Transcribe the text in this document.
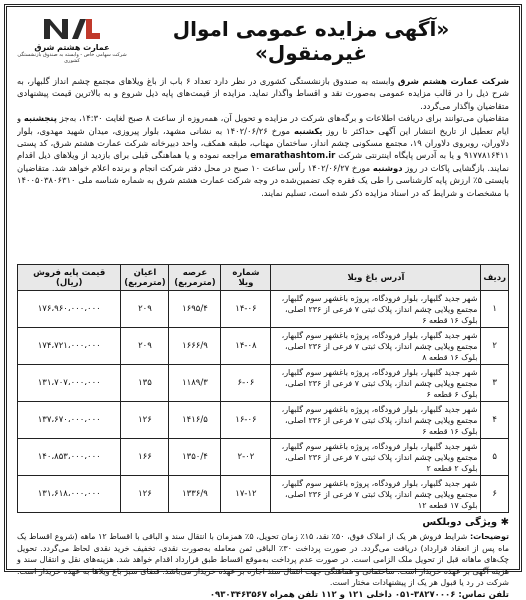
«آگهی مزایده عمومی اموال غیرمنقول»
عمارت هشتم شرق
شرکت سهامی خاص - وابسته به صندوق بازنشستگی کشوری

شرکت عمارت هشتم شرق وابسته به صندوق بازنشستگی کشوری در نظر دارد تعداد ۶ باب از باغ ویلاهای مجتمع چشم انداز گلبهار، به شرح ذیل را در قالب مزایده عمومی به‌صورت نقد و اقساط واگذار نماید. مزایده از قیمت‌های پایه ذیل شروع و به بالاترین قیمت پیشنهادی متقاضیان واگذار می‌گردد.

متقاضیان می‌توانند برای دریافت اطلاعات و برگه‌های شرکت در مزایده و تحویل آن، همه‌روزه از ساعت ۸ صبح لغایت ۱۴:۳۰، به‌جز پنجشنبه و ایام تعطیل از تاریخ انتشار این آگهی حداکثر تا روز یکشنبه مورخ ۱۴۰۲/۰۶/۲۶ به نشانی مشهد، بلوار پیروزی، میدان شهید مهدوی، بلوار دلاوران، روبروی دلاوران ۱۹، مجتمع مسکونی چشم انداز، ساختمان مهتاب، طبقه همکف، واحد دبیرخانه شرکت عمارت هشتم شرق، کد پستی ۹۱۷۷۸۱۶۴۱۱ و یا به آدرس پایگاه اینترنتی شرکت emarathashtom.ir مراجعه نموده و یا هماهنگی قبلی برای بازدید از ویلاهای ذیل اقدام نمایند. بازگشایی پاکات در روز دوشنبه مورخ ۱۴۰۲/۰۶/۲۷ رأس ساعت ۱۰ صبح در محل دفتر شرکت انجام و برنده اعلام خواهد شد. متقاضیان بایستی ۵٪ ارزش پایه کارشناسی را طی یک فقره چک تضمین‌شده در وجه شرکت عمارت هشتم شرق به شماره شناسه ملی ۱۴۰۰۵۰۳۸۰۶۳۱۰ با مشخصات و شرایط که در اسناد مزایده ذکر شده است، تسلیم نمایند.

ردیف	آدرس باغ ویلا	شماره ویلا	عرصه (مترمربع)	اعیان (مترمربع)	قیمت پایه فروش (ریال)
۱	شهر جدید گلبهار، بلوار فرودگاه، پروژه باغشهر سوم گلبهار، مجتمع ویلایی چشم انداز، پلاک ثبتی ۷ فرعی از ۲۳۶ اصلی، بلوک ۱۶ قطعه ۶	۱۴-۰۶	۱۶۹۵/۴	۲۰۹	۱۷۶،۹۶۰،۰۰۰،۰۰۰
۲	شهر جدید گلبهار، بلوار فرودگاه، پروژه باغشهر سوم گلبهار، مجتمع ویلایی چشم انداز، پلاک ثبتی ۷ فرعی از ۲۳۶ اصلی، بلوک ۱۶ قطعه ۸	۱۴-۰۸	۱۶۶۶/۹	۲۰۹	۱۷۴،۷۲۱،۰۰۰،۰۰۰
۳	شهر جدید گلبهار، بلوار فرودگاه، پروژه باغشهر سوم گلبهار، مجتمع ویلایی چشم انداز، پلاک ثبتی ۷ فرعی از ۲۳۶ اصلی، بلوک ۶ قطعه ۶	۶-۰۶	۱۱۸۹/۳	۱۳۵	۱۳۱،۷۰۷،۰۰۰،۰۰۰
۴	شهر جدید گلبهار، بلوار فرودگاه، پروژه باغشهر سوم گلبهار، مجتمع ویلایی چشم انداز، پلاک ثبتی ۷ فرعی از ۲۳۶ اصلی، بلوک ۱۶ قطعه ۶	۱۶-۰۶	۱۴۱۶/۵	۱۲۶	۱۳۷،۶۷۰،۰۰۰،۰۰۰
۵	شهر جدید گلبهار، بلوار فرودگاه، پروژه باغشهر سوم گلبهار، مجتمع ویلایی چشم انداز، پلاک ثبتی ۷ فرعی از ۲۳۶ اصلی، بلوک ۲ قطعه ۲	۲-۰۲	۱۳۵۰/۴	۱۶۶	۱۴۰،۸۵۳،۰۰۰،۰۰۰
۶	شهر جدید گلبهار، بلوار فرودگاه، پروژه باغشهر سوم گلبهار، مجتمع ویلایی چشم انداز، پلاک ثبتی ۷ فرعی از ۲۳۶ اصلی، بلوک ۱۷ قطعه ۱۲	۱۷-۱۲	۱۳۳۶/۹	۱۲۶	۱۳۱،۶۱۸،۰۰۰،۰۰۰
✱ ویژگی دوبلکس
توضیحات: شرایط فروش هر یک از املاک فوق، ۵۰٪ نقد، ۱۵٪ زمان تحویل، ۵٪ همزمان با انتقال سند و الباقی با اقساط ۱۲ ماهه (شروع اقساط یک ماه پس از انعقاد قرارداد) دریافت می‌گردد. در صورت پرداخت ۳۰٪ الباقی ثمن معامله به‌صورت نقدی، تخفیف خرید نقدی لحاظ می‌گردد. تحویل چک‌های ماهانه قبل از تحویل ملک الزامی است. در صورت عدم پرداخت به‌موقع اقساط طبق قرارداد اقدام خواهد شد. هزینه‌های نقل و انتقال سند و هزینه آگهی بر عهده خریدار است. ساختمانی و هماهنگی جهت انتقال سند اجاره بر عهده خریدار می‌باشد. فضای سبز باغ ویلاها به عهده خریدار است. شرکت در رد یا قبول هر یک از پیشنهادات مختار است.
تلفن تماس: ۳۸۲۷۰۰۰۶-۰۵۱ داخلی ۱۲۱ و ۱۱۲ تلفن همراه ۰۹۳۰۳۴۶۳۵۶۷
